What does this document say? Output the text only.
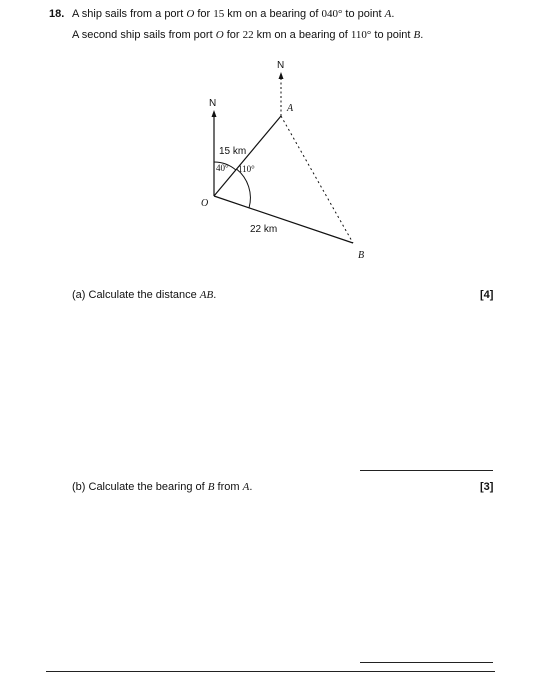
18. A ship sails from a port O for 15 km on a bearing of 040° to point A.
A second ship sails from port O for 22 km on a bearing of 110° to point B.
N
N
40° 110°
15 km
22 km
O
A
B
(a) Calculate the distance AB.	[4]
(b) Calculate the bearing of B from A.	[3]
